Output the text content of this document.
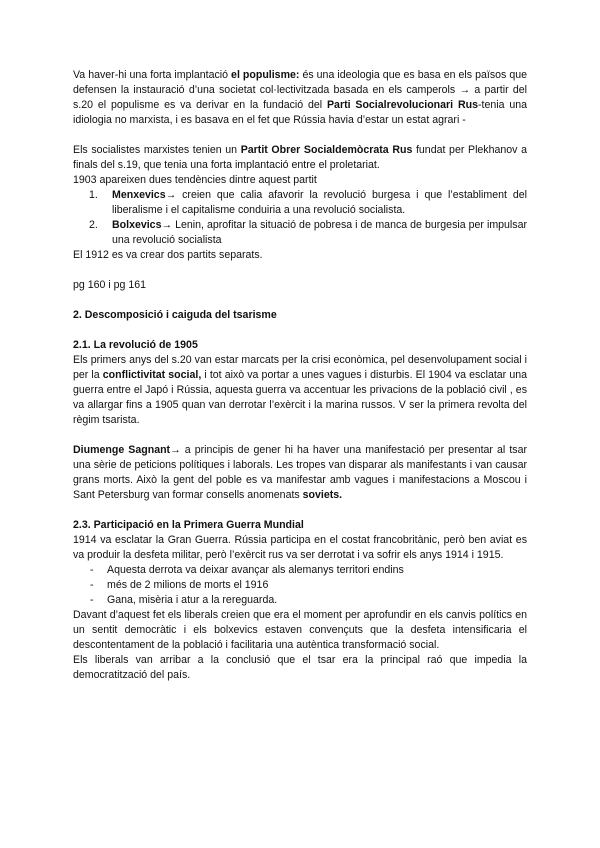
Va haver-hi una forta implantació el populisme: és una ideologia que es basa en els països que defensen la instauració d’una societat col·lectivitzada basada en els camperols → a partir del s.20 el populisme es va derivar en la fundació del Parti Socialrevolucionari Rus-tenia una idiologia no marxista, i es basava en el fet que Rússia havia d’estar un estat agrari -

Els socialistes marxistes tenien un Partit Obrer Socialdemòcrata Rus fundat per Plekhanov a finals del s.19, que tenia una forta implantació entre el proletariat.

1903 apareixen dues tendències dintre aquest partit

1. Menxevics→ creien que calia afavorir la revolució burgesa i que l’establiment del liberalisme i el capitalisme conduiria a una revolució socialista.
2. Bolxevics→ Lenin, aprofitar la situació de pobresa i de manca de burgesia per impulsar una revolució socialista

El 1912 es va crear dos partits separats.

pg 160 i pg 161

2. Descomposició i caiguda del tsarisme

2.1. La revolució de 1905

Els primers anys del s.20 van estar marcats per la crisi econòmica, pel desenvolupament social i per la conflictivitat social, i tot això va portar a unes vagues i disturbis. El 1904 va esclatar una guerra entre el Japó i Rússia, aquesta guerra va accentuar les privacions de la població civil , es va allargar fins a 1905 quan van derrotar l’exèrcit i la marina russos. V ser la primera revolta del règim tsarista.

Diumenge Sagnant→ a principis de gener hi ha haver una manifestació per presentar al tsar una sèrie de peticions polítiques i laborals. Les tropes van disparar als manifestants i van causar grans morts. Això la gent del poble es va manifestar amb vagues i manifestacions a Moscou i Sant Petersburg van formar consells anomenats soviets.

2.3. Participació en la Primera Guerra Mundial

1914 va esclatar la Gran Guerra. Rússia participa en el costat francobritànic, però ben aviat es va produir la desfeta militar, però l’exèrcit rus va ser derrotat i va sofrir els anys 1914 i 1915.

- Aquesta derrota va deixar avançar als alemanys territori endins
- més de 2 milions de morts el 1916
- Gana, misèria i atur a la rereguarda.

Davant d’aquest fet els liberals creien que era el moment per aprofundir en els canvis polítics en un sentit democràtic i els bolxevics estaven convençuts que la desfeta intensificaria el descontentament de la població i facilitaria una autèntica transformació social.

Els liberals van arribar a la conclusió que el tsar era la principal raó que impedia la democratització del país.
